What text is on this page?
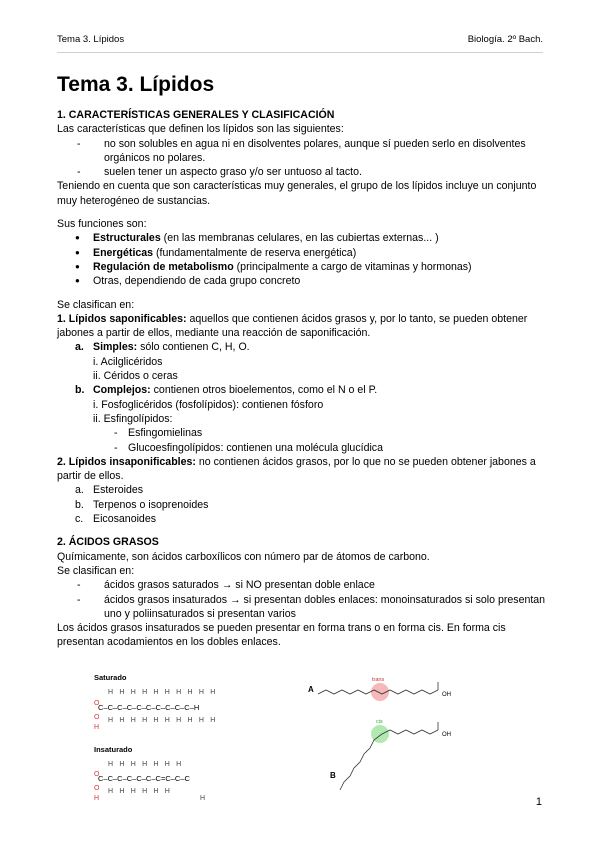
Tema 3. Lípidos	Biología. 2º Bach.
Tema 3. Lípidos
1. CARACTERÍSTICAS GENERALES Y CLASIFICACIÓN

Las características que definen los lípidos son las siguientes:

- no son solubles en agua ni en disolventes polares, aunque sí pueden serlo en disolventes orgánicos no polares.
- suelen tener un aspecto graso y/o ser untuoso al tacto.

Teniendo en cuenta que son características muy generales, el grupo de los lípidos incluye un conjunto muy heterogéneo de sustancias.

Sus funciones son:

● Estructurales (en las membranas celulares, en las cubiertas externas... )
● Energéticas (fundamentalmente de reserva energética)
● Regulación de metabolismo (principalmente a cargo de vitaminas y hormonas)
● Otras, dependiendo de cada grupo concreto

Se clasifican en:

1. Lípidos saponificables: aquellos que contienen ácidos grasos y, por lo tanto, se pueden obtener jabones a partir de ellos, mediante una reacción de saponificación.

a. Simples: sólo contienen C, H, O.

i. Acilglicéridos

ii. Céridos o ceras

b. Complejos: contienen otros bioelementos, como el N o el P.

i. Fosfoglicéridos (fosfolípidos): contienen fósforo

ii. Esfingolípidos:

- Esfingomielinas
- Glucoesfingolípidos: contienen una molécula glucídica

2. Lípidos insaponificables: no contienen ácidos grasos, por lo que no se pueden obtener jabones a partir de ellos.

a. Esteroides
b. Terpenos o isoprenoides
c. Eicosanoides
2. ÁCIDOS GRASOS

Químicamente, son ácidos carboxílicos con número par de átomos de carbono.

Se clasifican en:

- ácidos grasos saturados → si NO presentan doble enlace
- ácidos grasos insaturados → si presentan dobles enlaces: monoinsaturados si solo presentan uno y poliinsaturados si presentan varios

Los ácidos grasos insaturados se pueden presentar en forma trans o en forma cis. En forma cis presentan acodamientos en los dobles enlaces.

Saturado
HHHHHHHHHH
O
C–C–C–C–C–C–C–C–C–C–H
HHHHHHHHHH
O
H
Insaturado
HHHHHHH
O
C–C–C–C–C–C–C=C–C–C
HHHHHH
O
H	H
A
trans
OH
cis
OH
B
1
